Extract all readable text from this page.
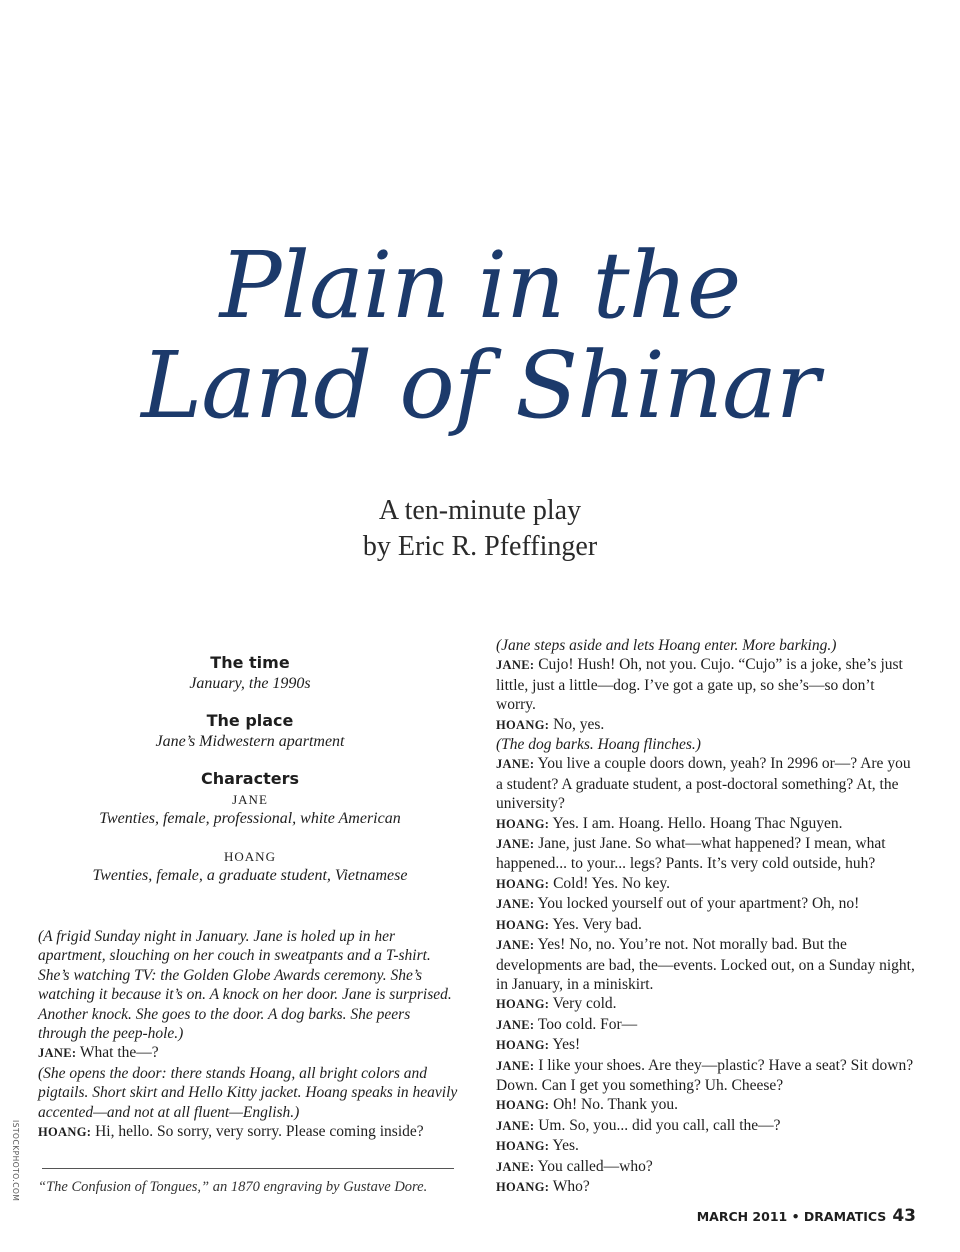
Plain in the
Land of Shinar
A ten-minute play
by Eric R. Pfeffinger
The time
January, the 1990s
The place
Jane’s Midwestern apartment
Characters
JANE
Twenties, female, professional, white American
HOANG
Twenties, female, a graduate student, Vietnamese

(A frigid Sunday night in January. Jane is holed up in her apartment, slouching on her couch in sweatpants and a T-shirt. She’s watching TV: the Golden Globe Awards ceremony. She’s watching it because it’s on. A knock on her door. Jane is surprised. Another knock. She goes to the door. A dog barks. She peers through the peep-hole.)

JANE: What the—?

(She opens the door: there stands Hoang, all bright colors and pigtails. Short skirt and Hello Kitty jacket. Hoang speaks in heavily accented—and not at all fluent—English.)

HOANG: Hi, hello. So sorry, very sorry. Please coming inside?

(Jane steps aside and lets Hoang enter. More barking.)

JANE: Cujo! Hush! Oh, not you. Cujo. “Cujo” is a joke, she’s just little, just a little—dog. I’ve got a gate up, so she’s—so don’t worry.

HOANG: No, yes.

(The dog barks. Hoang flinches.)

JANE: You live a couple doors down, yeah? In 2996 or—? Are you a student? A graduate student, a post-doctoral something? At, the university?

HOANG: Yes. I am. Hoang. Hello. Hoang Thac Nguyen.

JANE: Jane, just Jane. So what—what happened? I mean, what happened... to your... legs? Pants. It’s very cold outside, huh?

HOANG: Cold! Yes. No key.

JANE: You locked yourself out of your apartment? Oh, no!

HOANG: Yes. Very bad.

JANE: Yes! No, no. You’re not. Not morally bad. But the developments are bad, the—events. Locked out, on a Sunday night, in January, in a miniskirt.

HOANG: Very cold.

JANE: Too cold. For—

HOANG: Yes!

JANE: I like your shoes. Are they—plastic? Have a seat? Sit down? Down. Can I get you something? Uh. Cheese?

HOANG: Oh! No. Thank you.

JANE: Um. So, you... did you call, call the—?

HOANG: Yes.

JANE: You called—who?

HOANG: Who?

“The Confusion of Tongues,” an 1870 engraving by Gustave Dore.
ISTOCKPHOTO.COM
MARCH 2011 • DRAMATICS 43
